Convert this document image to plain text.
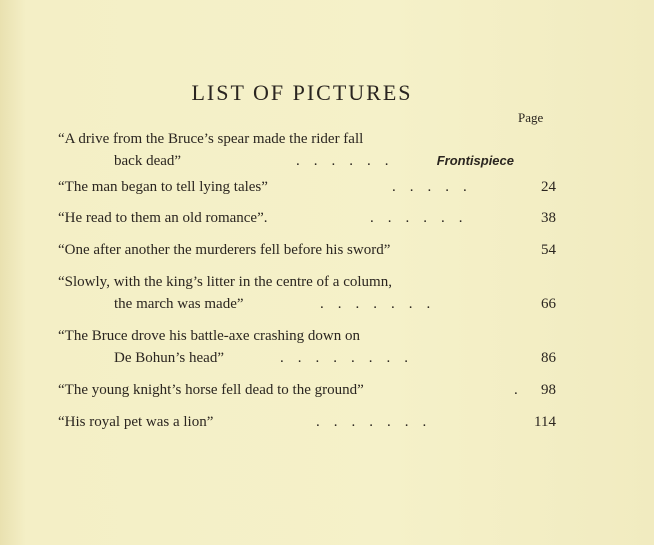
LIST OF PICTURES
Page
“A drive from the Bruce’s spear made the rider fall
back dead”	......	Frontispiece
“The man began to tell lying tales”	.....	24
“He read to them an old romance”.	......	38
“One after another the murderers fell before his sword”	54
“Slowly, with the king’s litter in the centre of a column,
the march was made”	.......	66
“The Bruce drove his battle-axe crashing down on
De Bohun’s head”	........	86
“The young knight’s horse fell dead to the ground”	. 98
“His royal pet was a lion”	.......	114
